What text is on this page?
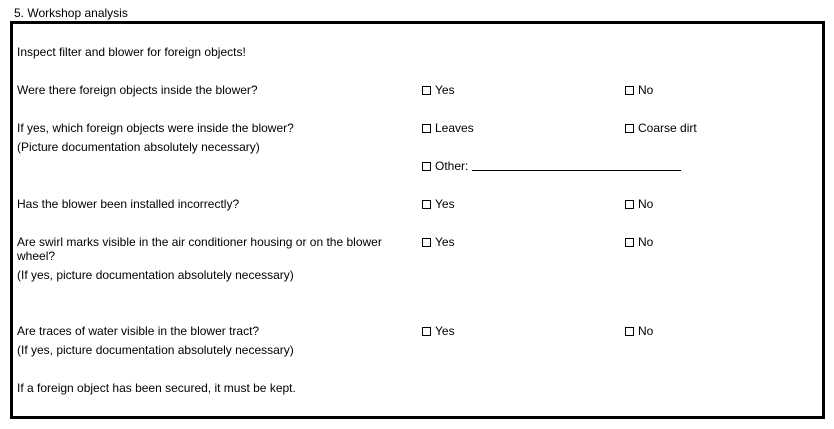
5. Workshop analysis
Inspect filter and blower for foreign objects!
Were there foreign objects inside the blower?	Yes	No
If yes, which foreign objects were inside the blower?
(Picture documentation absolutely necessary)
Leaves	Coarse dirt
Other:
Has the blower been installed incorrectly?	Yes	No
Are swirl marks visible in the air conditioner housing or on the blower
wheel?
(If yes, picture documentation absolutely necessary)
Yes	No
Are traces of water visible in the blower tract?
(If yes, picture documentation absolutely necessary)
Yes	No
If a foreign object has been secured, it must be kept.
